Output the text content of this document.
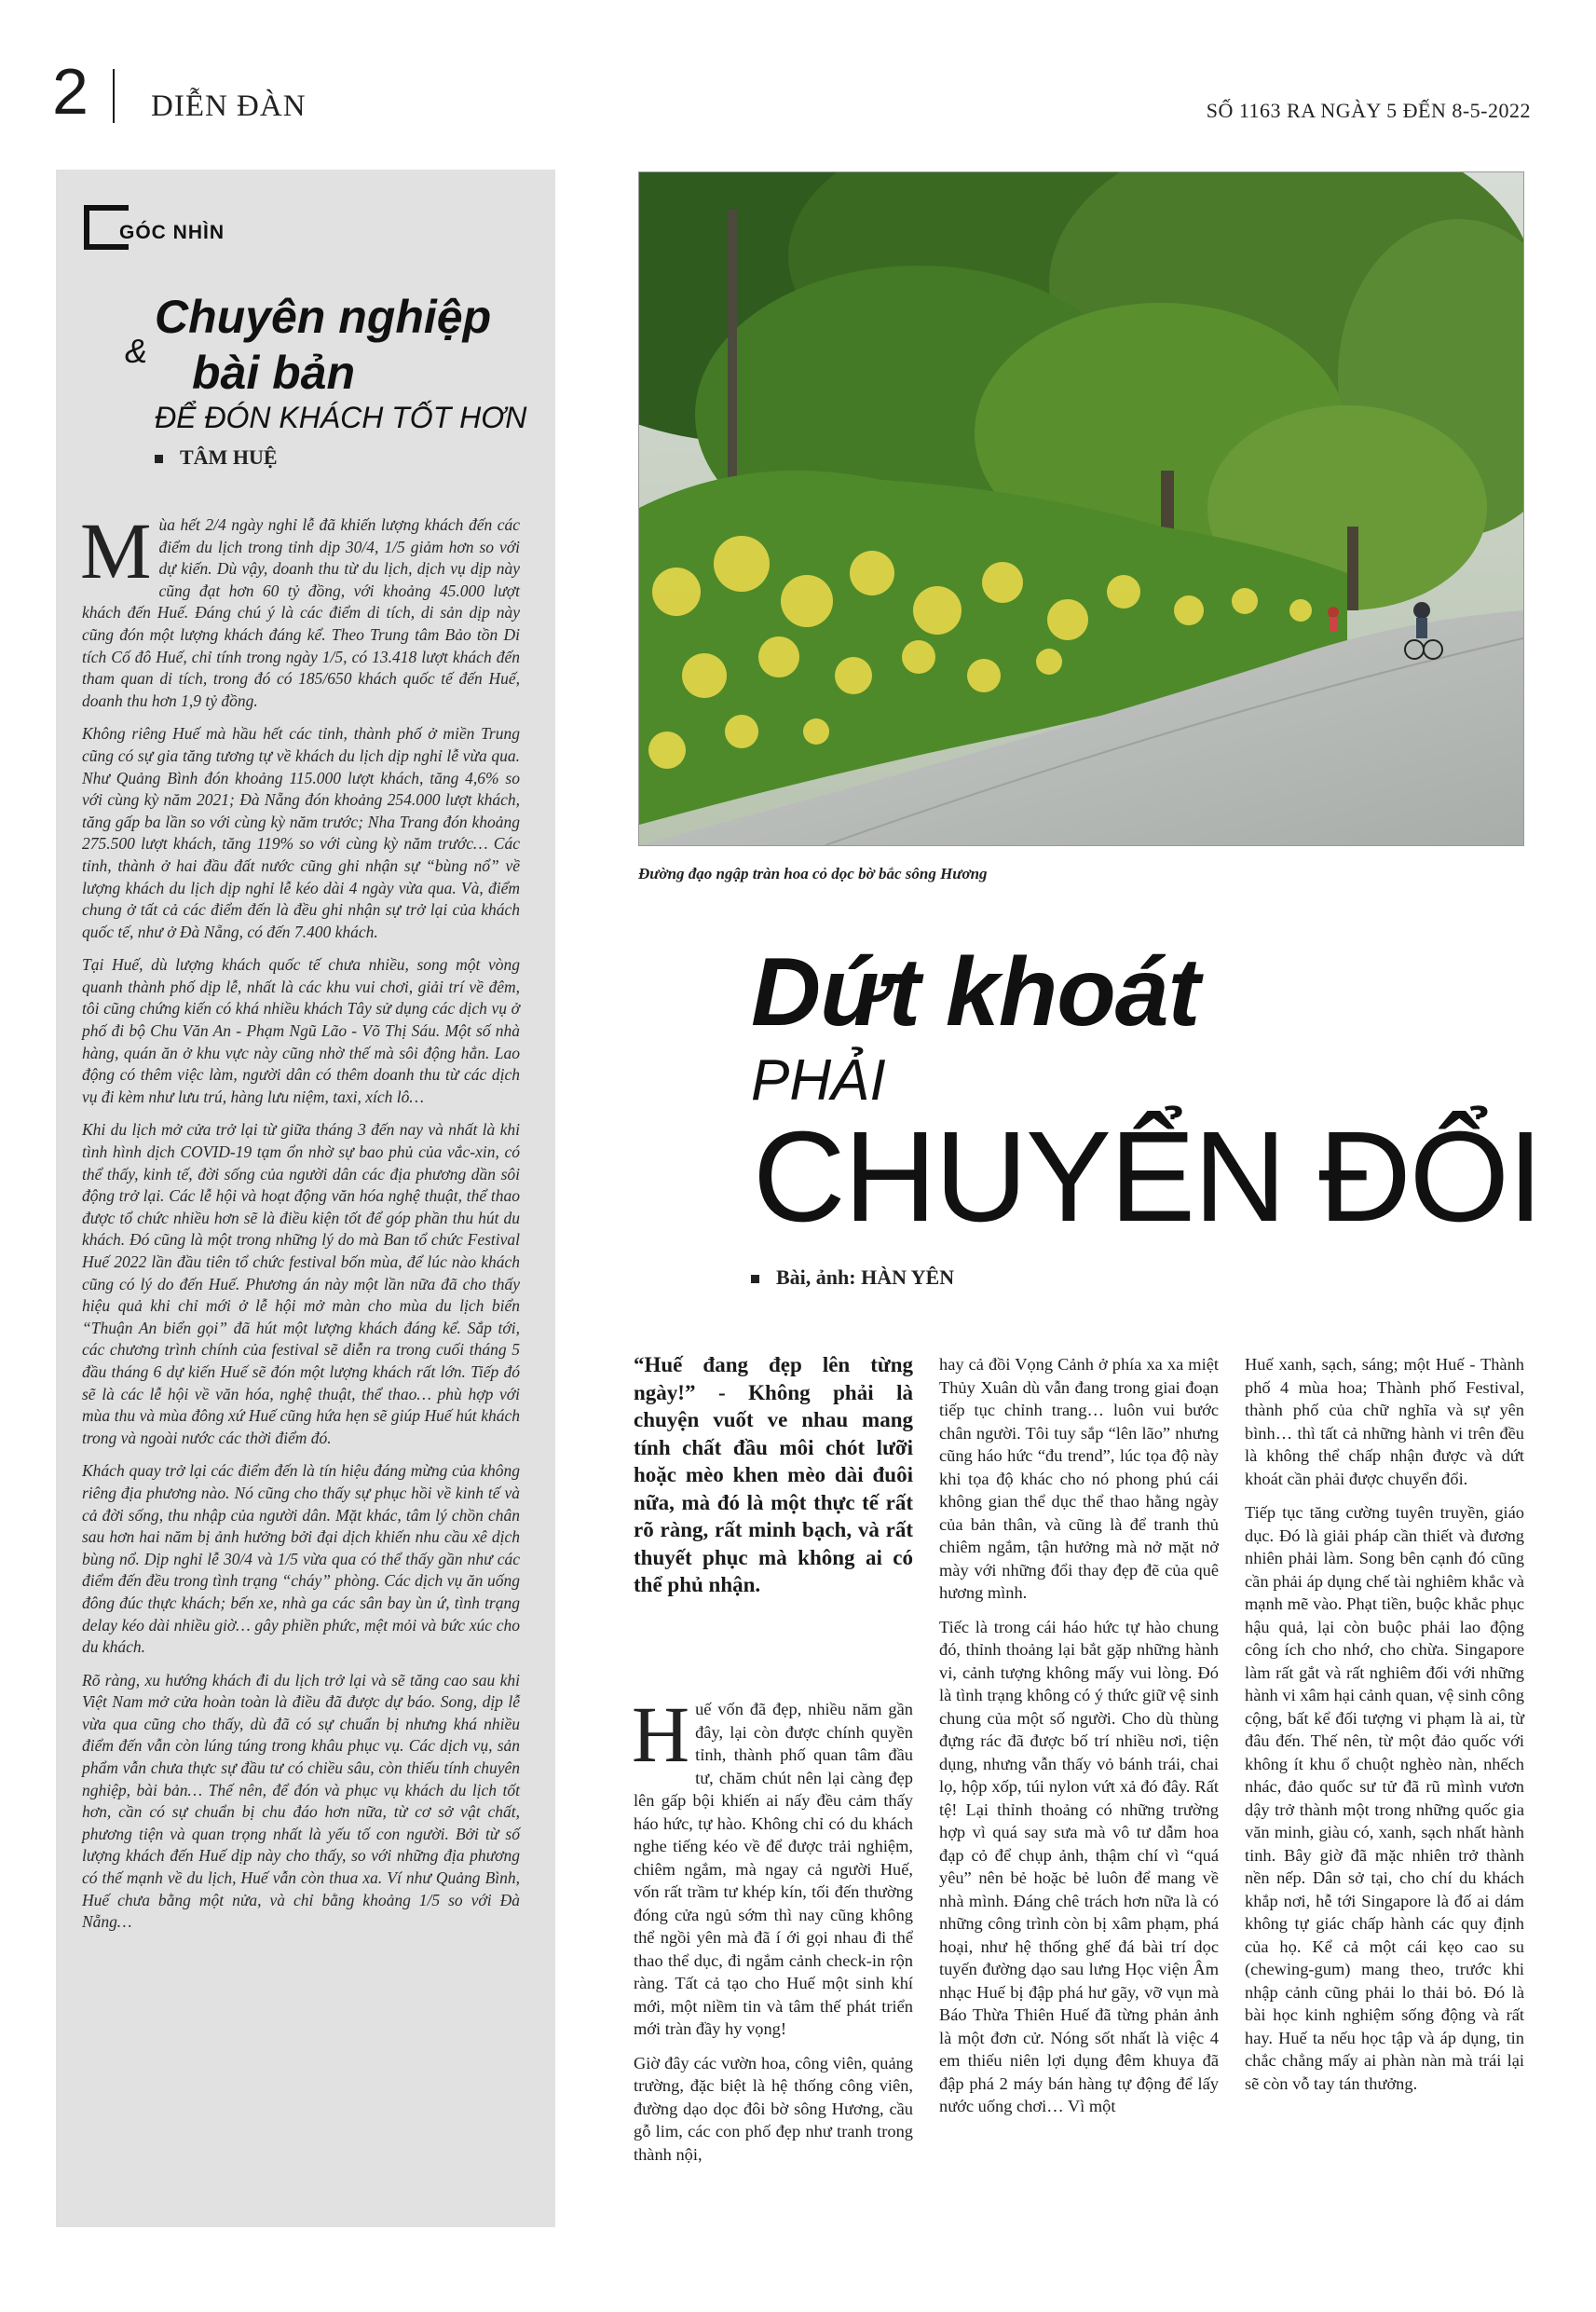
2 DIỄN ĐÀN	SỐ 1163 RA NGÀY 5 ĐẾN 8-5-2022
GÓC NHÌN
Chuyên nghiệp
& bài bản
ĐỂ ĐÓN KHÁCH TỐT HƠN
TÂM HUỆ

Mùa hết 2/4 ngày nghỉ lễ đã khiến lượng khách đến các điểm du lịch trong tỉnh dịp 30/4, 1/5 giảm hơn so với dự kiến. Dù vậy, doanh thu từ du lịch, dịch vụ dịp này cũng đạt hơn 60 tỷ đồng, với khoảng 45.000 lượt khách đến Huế. Đáng chú ý là các điểm di tích, di sản dịp này cũng đón một lượng khách đáng kể. Theo Trung tâm Bảo tồn Di tích Cố đô Huế, chỉ tính trong ngày 1/5, có 13.418 lượt khách đến tham quan di tích, trong đó có 185/650 khách quốc tế đến Huế, doanh thu hơn 1,9 tỷ đồng.

Không riêng Huế mà hầu hết các tỉnh, thành phố ở miền Trung cũng có sự gia tăng tương tự về khách du lịch dịp nghỉ lễ vừa qua. Như Quảng Bình đón khoảng 115.000 lượt khách, tăng 4,6% so với cùng kỳ năm 2021; Đà Nẵng đón khoảng 254.000 lượt khách, tăng gấp ba lần so với cùng kỳ năm trước; Nha Trang đón khoảng 275.500 lượt khách, tăng 119% so với cùng kỳ năm trước… Các tỉnh, thành ở hai đầu đất nước cũng ghi nhận sự “bùng nổ” về lượng khách du lịch dịp nghỉ lễ kéo dài 4 ngày vừa qua. Và, điểm chung ở tất cả các điểm đến là đều ghi nhận sự trở lại của khách quốc tế, như ở Đà Nẵng, có đến 7.400 khách.

Tại Huế, dù lượng khách quốc tế chưa nhiều, song một vòng quanh thành phố dịp lễ, nhất là các khu vui chơi, giải trí về đêm, tôi cũng chứng kiến có khá nhiều khách Tây sử dụng các dịch vụ ở phố đi bộ Chu Văn An - Phạm Ngũ Lão - Võ Thị Sáu. Một số nhà hàng, quán ăn ở khu vực này cũng nhờ thế mà sôi động hẳn. Lao động có thêm việc làm, người dân có thêm doanh thu từ các dịch vụ đi kèm như lưu trú, hàng lưu niệm, taxi, xích lô…

Khi du lịch mở cửa trở lại từ giữa tháng 3 đến nay và nhất là khi tình hình dịch COVID-19 tạm ổn nhờ sự bao phủ của vắc-xin, có thể thấy, kinh tế, đời sống của người dân các địa phương dần sôi động trở lại. Các lễ hội và hoạt động văn hóa nghệ thuật, thể thao được tổ chức nhiều hơn sẽ là điều kiện tốt để góp phần thu hút du khách. Đó cũng là một trong những lý do mà Ban tổ chức Festival Huế 2022 lần đầu tiên tổ chức festival bốn mùa, để lúc nào khách cũng có lý do đến Huế. Phương án này một lần nữa đã cho thấy hiệu quả khi chỉ mới ở lễ hội mở màn cho mùa du lịch biển “Thuận An biển gọi” đã hút một lượng khách đáng kể. Sắp tới, các chương trình chính của festival sẽ diễn ra trong cuối tháng 5 đầu tháng 6 dự kiến Huế sẽ đón một lượng khách rất lớn. Tiếp đó sẽ là các lễ hội về văn hóa, nghệ thuật, thể thao… phù hợp với mùa thu và mùa đông xứ Huế cũng hứa hẹn sẽ giúp Huế hút khách trong và ngoài nước các thời điểm đó.

Khách quay trở lại các điểm đến là tín hiệu đáng mừng của không riêng địa phương nào. Nó cũng cho thấy sự phục hồi về kinh tế và cả đời sống, thu nhập của người dân. Mặt khác, tâm lý chồn chân sau hơn hai năm bị ảnh hưởng bởi đại dịch khiến nhu cầu xê dịch bùng nổ. Dịp nghỉ lễ 30/4 và 1/5 vừa qua có thể thấy gần như các điểm đến đều trong tình trạng “cháy” phòng. Các dịch vụ ăn uống đông đúc thực khách; bến xe, nhà ga các sân bay ùn ứ, tình trạng delay kéo dài nhiều giờ… gây phiền phức, mệt mỏi và bức xúc cho du khách.

Rõ ràng, xu hướng khách đi du lịch trở lại và sẽ tăng cao sau khi Việt Nam mở cửa hoàn toàn là điều đã được dự báo. Song, dịp lễ vừa qua cũng cho thấy, dù đã có sự chuẩn bị nhưng khá nhiều điểm đến vẫn còn lúng túng trong khâu phục vụ. Các dịch vụ, sản phẩm vẫn chưa thực sự đầu tư có chiều sâu, còn thiếu tính chuyên nghiệp, bài bản… Thế nên, để đón và phục vụ khách du lịch tốt hơn, cần có sự chuẩn bị chu đáo hơn nữa, từ cơ sở vật chất, phương tiện và quan trọng nhất là yếu tố con người. Bởi từ số lượng khách đến Huế dịp này cho thấy, so với những địa phương có thế mạnh về du lịch, Huế vẫn còn thua xa. Ví như Quảng Bình, Huế chưa bằng một nửa, và chỉ bằng khoảng 1/5 so với Đà Nẵng…

Đường đạo ngập tràn hoa cỏ dọc bờ bắc sông Hương
Dứt khoát
PHẢI
CHUYỂN ĐỔI
Bài, ảnh: HÀN YÊN
“Huế đang đẹp lên từng ngày!” - Không phải là chuyện vuốt ve nhau mang tính chất đầu môi chót lưỡi hoặc mèo khen mèo dài đuôi nữa, mà đó là một thực tế rất rõ ràng, rất minh bạch, và rất thuyết phục mà không ai có thể phủ nhận.

Huế vốn đã đẹp, nhiều năm gần đây, lại còn được chính quyền tỉnh, thành phố quan tâm đầu tư, chăm chút nên lại càng đẹp lên gấp bội khiến ai nấy đều cảm thấy háo hức, tự hào. Không chỉ có du khách nghe tiếng kéo về để được trải nghiệm, chiêm ngắm, mà ngay cả người Huế, vốn rất trầm tư khép kín, tối đến thường đóng cửa ngủ sớm thì nay cũng không thể ngồi yên mà đã í ới gọi nhau đi thể thao thể dục, đi ngắm cảnh check-in rộn ràng. Tất cả tạo cho Huế một sinh khí mới, một niềm tin và tâm thế phát triển mới tràn đầy hy vọng!

Giờ đây các vườn hoa, công viên, quảng trường, đặc biệt là hệ thống công viên, đường dạo dọc đôi bờ sông Hương, cầu gỗ lim, các con phố đẹp như tranh trong thành nội,

hay cả đồi Vọng Cảnh ở phía xa xa miệt Thủy Xuân dù vẫn đang trong giai đoạn tiếp tục chỉnh trang… luôn vui bước chân người. Tôi tuy sắp “lên lão” nhưng cũng háo hức “đu trend”, lúc tọa độ này khi tọa độ khác cho nó phong phú cái không gian thể dục thể thao hằng ngày của bản thân, và cũng là để tranh thủ chiêm ngắm, tận hưởng mà nở mặt nở mày với những đổi thay đẹp đẽ của quê hương mình.

Tiếc là trong cái háo hức tự hào chung đó, thỉnh thoảng lại bắt gặp những hành vi, cảnh tượng không mấy vui lòng. Đó là tình trạng không có ý thức giữ vệ sinh chung của một số người. Cho dù thùng đựng rác đã được bố trí nhiều nơi, tiện dụng, nhưng vẫn thấy vỏ bánh trái, chai lọ, hộp xốp, túi nylon vứt xả đó đây. Rất tệ! Lại thỉnh thoảng có những trường hợp vì quá say sưa mà vô tư dẫm hoa đạp cỏ để chụp ảnh, thậm chí vì “quá yêu” nên bẻ hoặc bẻ luôn để mang về nhà mình. Đáng chê trách hơn nữa là có những công trình còn bị xâm phạm, phá hoại, như hệ thống ghế đá bài trí dọc tuyến đường dạo sau lưng Học viện Âm nhạc Huế bị đập phá hư gãy, vỡ vụn mà Báo Thừa Thiên Huế đã từng phản ảnh là một đơn cử. Nóng sốt nhất là việc 4 em thiếu niên lợi dụng đêm khuya đã đập phá 2 máy bán hàng tự động để lấy nước uống chơi… Vì một

Huế xanh, sạch, sáng; một Huế - Thành phố 4 mùa hoa; Thành phố Festival, thành phố của chữ nghĩa và sự yên bình… thì tất cả những hành vi trên đều là không thể chấp nhận được và dứt khoát cần phải được chuyển đổi.

Tiếp tục tăng cường tuyên truyền, giáo dục. Đó là giải pháp cần thiết và đương nhiên phải làm. Song bên cạnh đó cũng cần phải áp dụng chế tài nghiêm khắc và mạnh mẽ vào. Phạt tiền, buộc khắc phục hậu quả, lại còn buộc phải lao động công ích cho nhớ, cho chừa. Singapore làm rất gắt và rất nghiêm đối với những hành vi xâm hại cảnh quan, vệ sinh công cộng, bất kể đối tượng vi phạm là ai, từ đâu đến. Thế nên, từ một đảo quốc với không ít khu ổ chuột nghèo nàn, nhếch nhác, đảo quốc sư tử đã rũ mình vươn dậy trở thành một trong những quốc gia văn minh, giàu có, xanh, sạch nhất hành tinh. Bây giờ đã mặc nhiên trở thành nền nếp. Dân sở tại, cho chí du khách khắp nơi, hễ tới Singapore là đố ai dám không tự giác chấp hành các quy định của họ. Kể cả một cái kẹo cao su (chewing-gum) mang theo, trước khi nhập cảnh cũng phải lo thải bỏ. Đó là bài học kinh nghiệm sống động và rất hay. Huế ta nếu học tập và áp dụng, tin chắc chẳng mấy ai phàn nàn mà trái lại sẽ còn vỗ tay tán thưởng.
